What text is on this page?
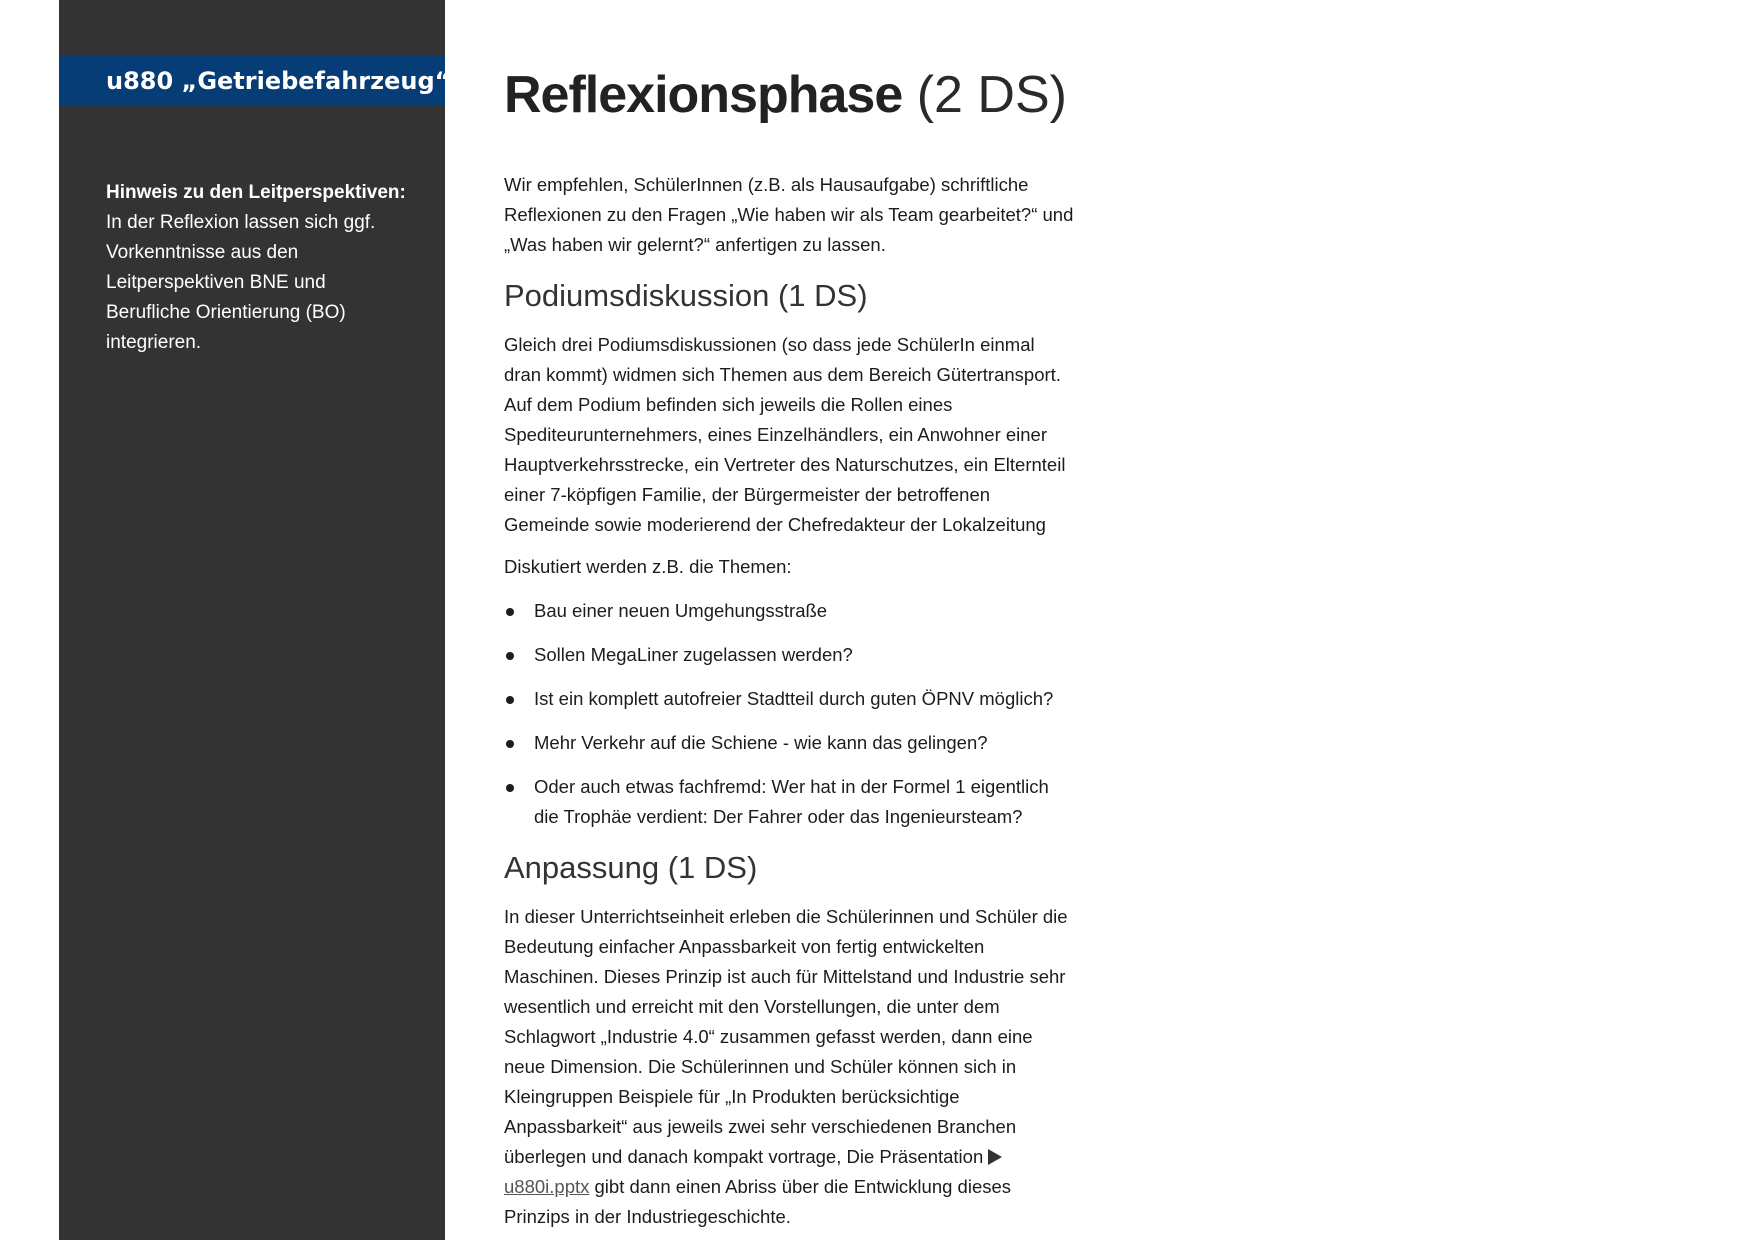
u880 „Getriebefahrzeug“
Hinweis zu den Leitperspektiven:
In der Reflexion lassen sich ggf. Vorkenntnisse aus den Leitperspektiven BNE und Berufliche Orientierung (BO) integrieren.
Reflexionsphase (2 DS)

Wir empfehlen, SchülerInnen (z.B. als Hausaufgabe) schriftliche Reflexionen zu den Fragen „Wie haben wir als Team gearbeitet?“ und „Was haben wir gelernt?“ anfertigen zu lassen.

Podiumsdiskussion (1 DS)

Gleich drei Podiumsdiskussionen (so dass jede SchülerIn einmal dran kommt) widmen sich Themen aus dem Bereich Gütertransport. Auf dem Podium befinden sich jeweils die Rollen eines Spediteurunternehmers, eines Einzelhändlers, ein Anwohner einer Hauptverkehrsstrecke, ein Vertreter des Naturschutzes, ein Elternteil einer 7-köpfigen Familie, der Bürgermeister der betroffenen Gemeinde sowie moderierend der Chefredakteur der Lokalzeitung

Diskutiert werden z.B. die Themen:

Bau einer neuen Umgehungsstraße
Sollen MegaLiner zugelassen werden?
Ist ein komplett autofreier Stadtteil durch guten ÖPNV möglich?
Mehr Verkehr auf die Schiene - wie kann das gelingen?
Oder auch etwas fachfremd: Wer hat in der Formel 1 eigentlich die Trophäe verdient: Der Fahrer oder das Ingenieursteam?
Anpassung (1 DS)

In dieser Unterrichtseinheit erleben die Schülerinnen und Schüler die Bedeutung einfacher Anpassbarkeit von fertig entwickelten Maschinen. Dieses Prinzip ist auch für Mittelstand und Industrie sehr wesentlich und erreicht mit den Vorstellungen, die unter dem Schlagwort „Industrie 4.0“ zusammen gefasst werden, dann eine neue Dimension. Die Schülerinnen und Schüler können sich in Kleingruppen Beispiele für „In Produkten berücksichtige Anpassbarkeit“ aus jeweils zwei sehr verschiedenen Branchen überlegen und danach kompakt vortrage, Die Präsentation u880i.pptx gibt dann einen Abriss über die Entwicklung dieses Prinzips in der Industriegeschichte.
